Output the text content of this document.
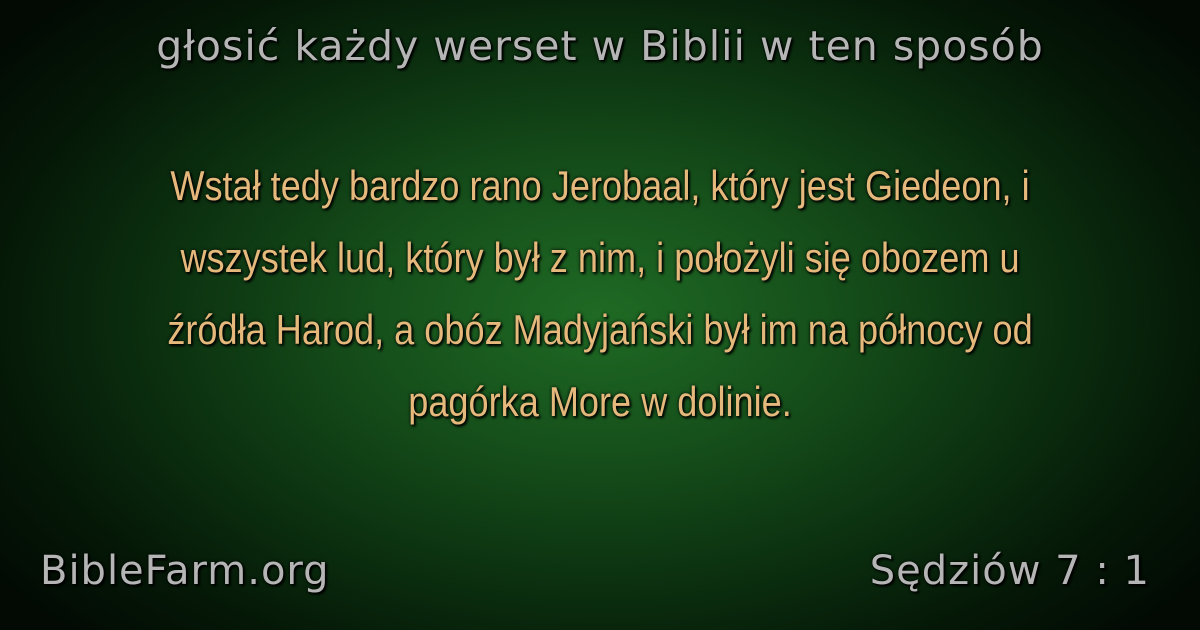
głosić każdy werset w Biblii w ten sposób
Wstał tedy bardzo rano Jerobaal, który jest Giedeon, i wszystek lud, który był z nim, i położyli się obozem u źródła Harod, a obóz Madyjański był im na północy od pagórka More w dolinie.
BibleFarm.org	Sędziów 7 : 1
